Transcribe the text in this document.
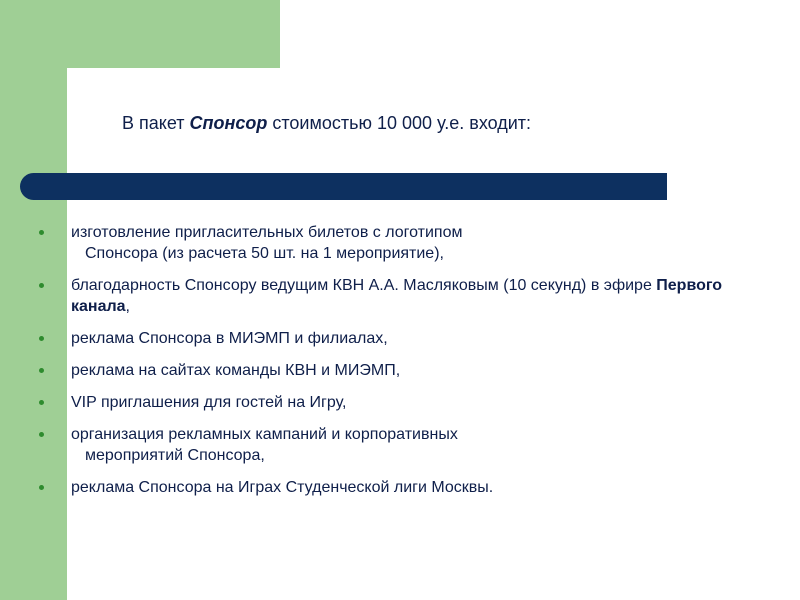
В пакет Спонсор стоимостью 10 000 у.е. входит:
изготовление пригласительных билетов с логотипом
Спонсора (из расчета 50 шт. на 1 мероприятие),
благодарность Спонсору ведущим КВН А.А. Масляковым (10 секунд) в эфире Первого канала,
реклама Спонсора в МИЭМП и филиалах,
реклама на сайтах команды КВН и МИЭМП,
VIP приглашения для гостей на Игру,
организация рекламных кампаний и корпоративных
мероприятий Спонсора,
реклама Спонсора на Играх Студенческой лиги Москвы.
